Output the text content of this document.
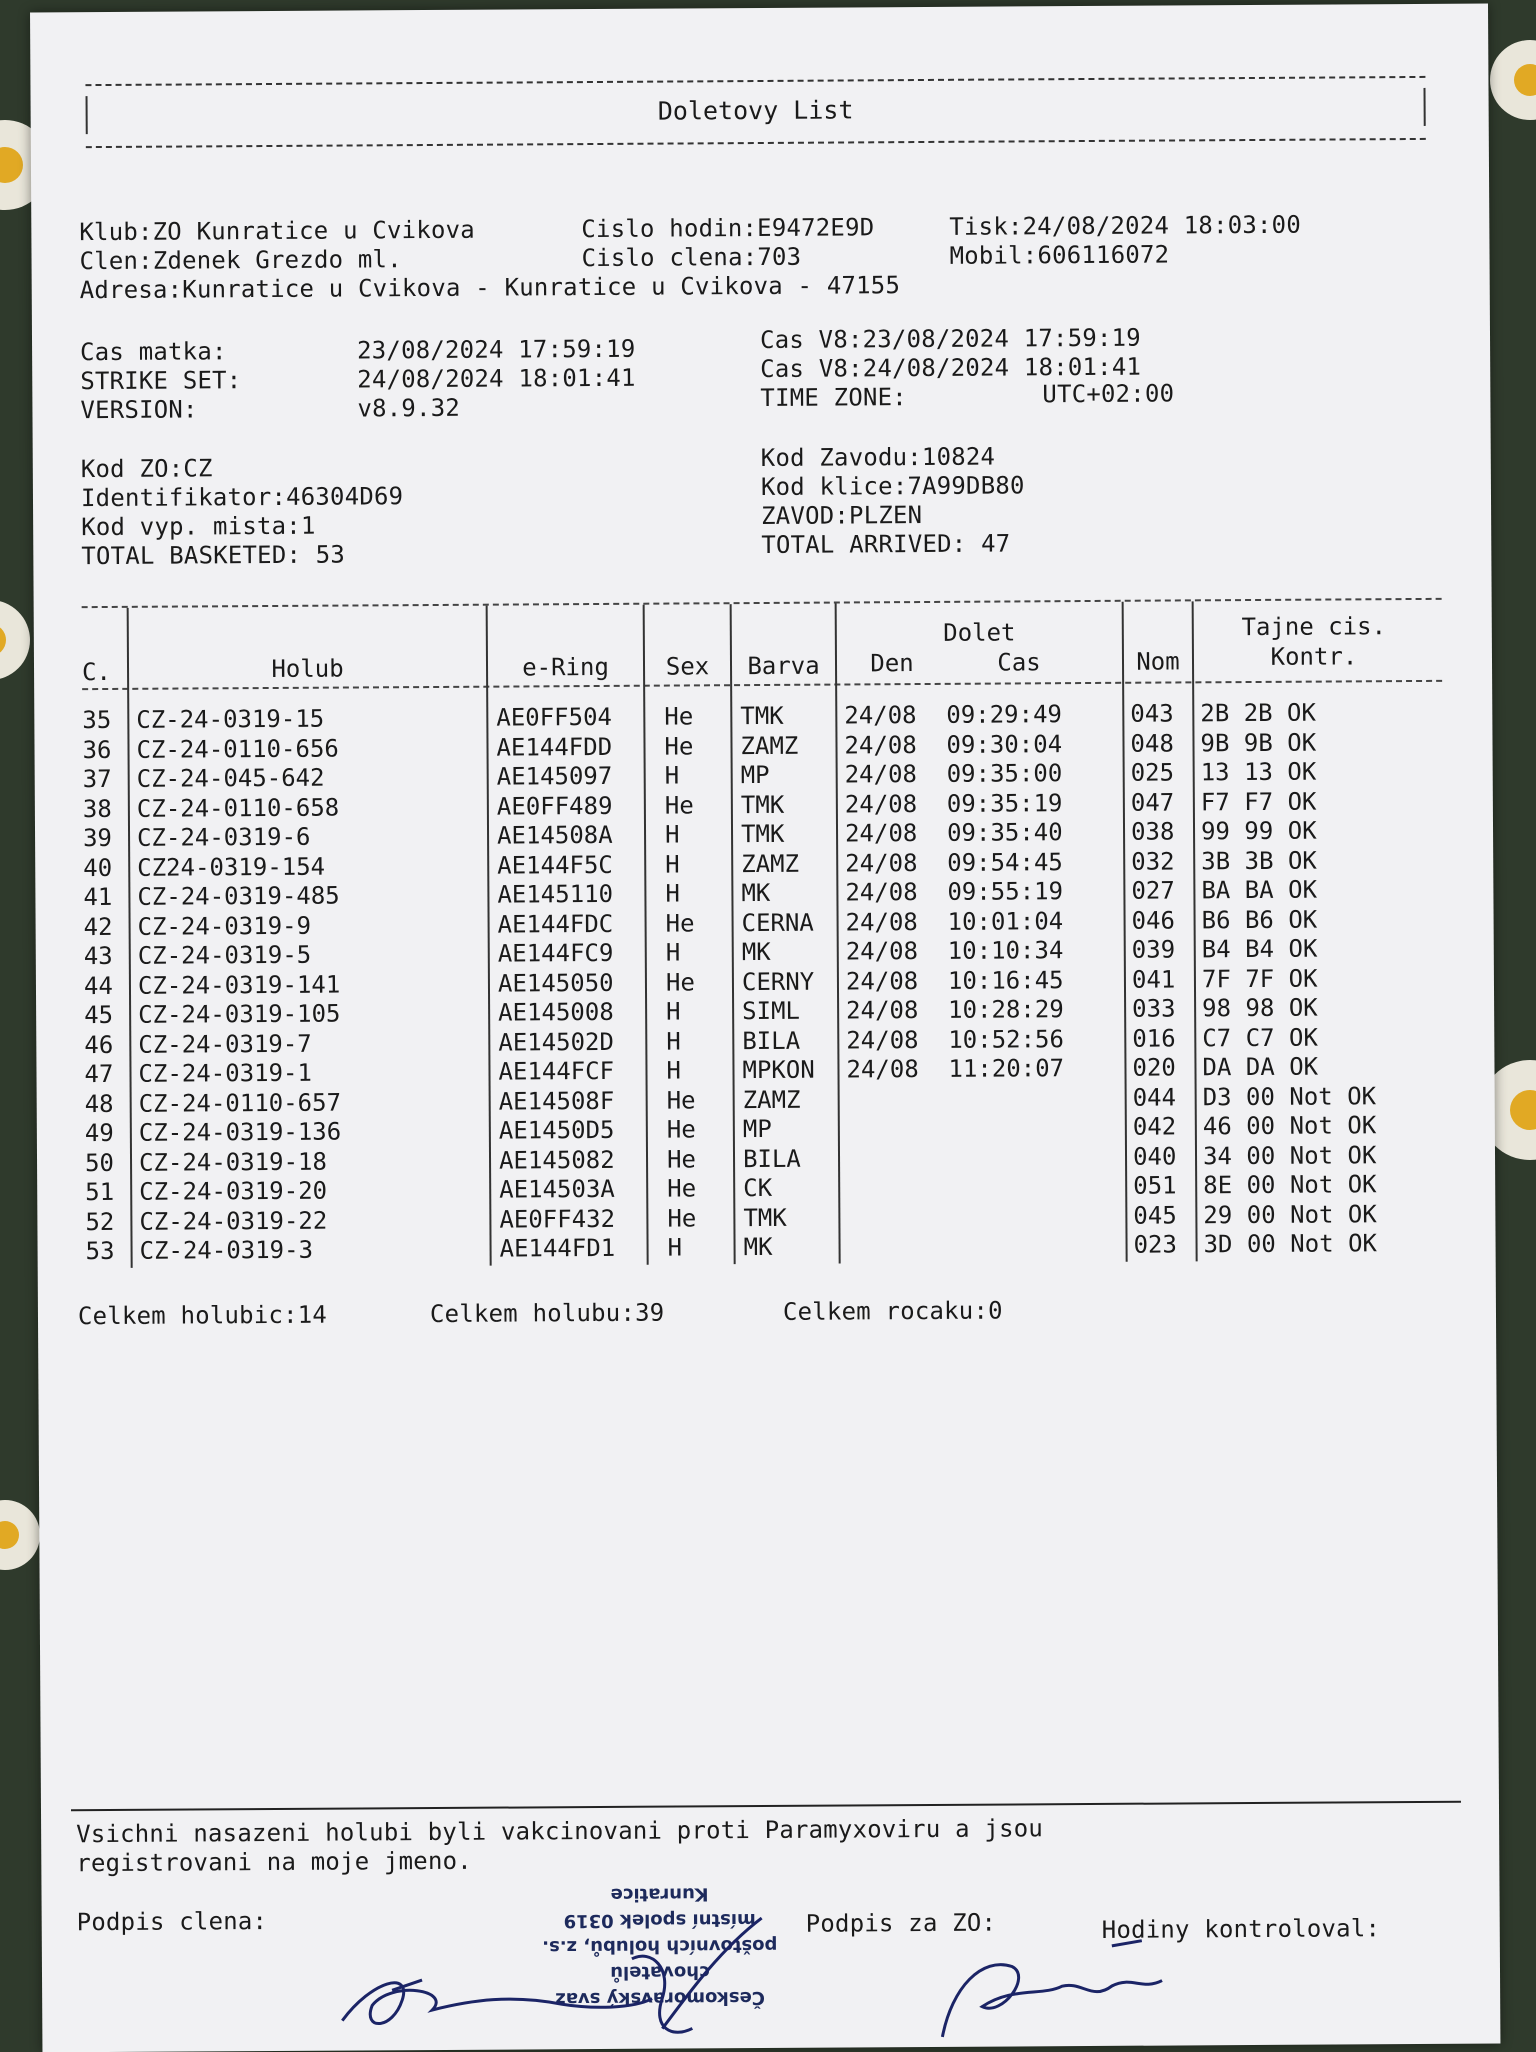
Doletovy List
Klub:ZO Kunratice u Cvikova	Cislo hodin:E9472E9D	Tisk:24/08/2024 18:03:00
Clen:Zdenek Grezdo ml.	Cislo clena:703	Mobil:606116072
Adresa:Kunratice u Cvikova - Kunratice u Cvikova - 47155
Cas matka:	23/08/2024 17:59:19
STRIKE SET:	24/08/2024 18:01:41
VERSION:	v8.9.32
Cas V8:23/08/2024 17:59:19
Cas V8:24/08/2024 18:01:41
TIME ZONE:	UTC+02:00
Kod ZO:CZ
Identifikator:46304D69
Kod vyp. mista:1
TOTAL BASKETED: 53
Kod Zavodu:10824
Kod klice:7A99DB80
ZAVOD:PLZEN
TOTAL ARRIVED: 47
C.	Holub	e-Ring	Sex	Barva
Dolet
Den	Cas	Nom
Tajne cis.
Kontr.
35 CZ-24-0319-15	AE0FF504 He TMK	24/08 09:29:49	043 2B 2B OK
36 CZ-24-0110-656	AE144FDD He ZAMZ 24/08 09:30:04	048 9B 9B OK
37 CZ-24-045-642	AE145097 H	MP	24/08 09:35:00	025 13 13 OK
38 CZ-24-0110-658	AE0FF489 He TMK	24/08 09:35:19	047 F7 F7 OK
39 CZ-24-0319-6	AE14508A H	TMK	24/08 09:35:40	038 99 99 OK
40 CZ24-0319-154	AE144F5C H	ZAMZ 24/08 09:54:45	032 3B 3B OK
41 CZ-24-0319-485	AE145110 H	MK	24/08 09:55:19	027 BA BA OK
42 CZ-24-0319-9	AE144FDC He CERNA 24/08 10:01:04	046 B6 B6 OK
43 CZ-24-0319-5	AE144FC9 H	MK	24/08 10:10:34	039 B4 B4 OK
44 CZ-24-0319-141	AE145050 He CERNY 24/08 10:16:45	041 7F 7F OK
45 CZ-24-0319-105	AE145008 H	SIML 24/08 10:28:29	033 98 98 OK
46 CZ-24-0319-7	AE14502D H	BILA 24/08 10:52:56	016 C7 C7 OK
47 CZ-24-0319-1	AE144FCF H	MPKON 24/08 11:20:07	020 DA DA OK
48 CZ-24-0110-657	AE14508F He ZAMZ	044 D3 00 Not OK
49 CZ-24-0319-136	AE1450D5 He MP	042 46 00 Not OK
50 CZ-24-0319-18	AE145082 He BILA	040 34 00 Not OK
51 CZ-24-0319-20	AE14503A He CK	051 8E 00 Not OK
52 CZ-24-0319-22	AE0FF432 He TMK	045 29 00 Not OK
53 CZ-24-0319-3	AE144FD1 H	MK	023 3D 00 Not OK
Celkem holubic:14	Celkem holubu:39	Celkem rocaku:0
Vsichni nasazeni holubi byli vakcinovani proti Paramyxoviru a jsou
registrovani na moje jmeno.
Podpis clena:	Podpis za ZO:	Hodiny kontroloval:
Českomoravský svaz chovatelů
poštovních holubů, z.s.
místní spolek 0319
Kunratice
